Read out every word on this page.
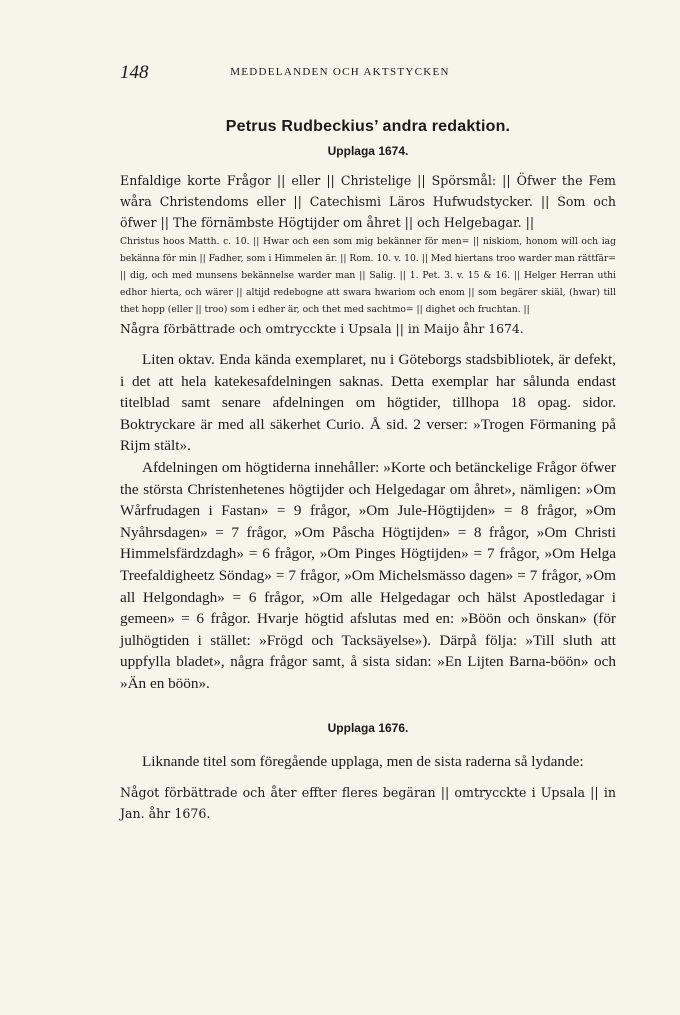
148	MEDDELANDEN OCH AKTSTYCKEN
Petrus Rudbeckius’ andra redaktion.
Upplaga 1674.

Enfaldige korte Frågor || eller || Christelige || Spörsmål: || Öfwer the Fem wåra Christendoms eller || Catechismi Läros Hufwudstycker. || Som och öfwer || The förnämbste Högtijder om åhret || och Helgebagar. ||

Christus hoos Matth. c. 10. || Hwar och een som mig bekänner för men= || niskiom, honom will och iag bekänna för min || Fadher, som i Himmelen är. || Rom. 10. v. 10. || Med hiertans troo warder man rättfär= || dig, och med munsens bekännelse warder man || Salig. || 1. Pet. 3. v. 15 & 16. || Helger Herran uthi edhor hierta, och wärer || altijd redebogne att swara hwariom och enom || som begärer skiäl, (hwar) till thet hopp (eller || troo) som i edher är, och thet med sachtmo= || dighet och fruchtan. ||

Några förbättrade och omtrycckte i Upsala || in Maijo åhr 1674.

Liten oktav. Enda kända exemplaret, nu i Göteborgs stadsbibliotek, är defekt, i det att hela katekesafdelningen saknas. Detta exemplar har sålunda endast titelblad samt senare afdelningen om högtider, tillhopa 18 opag. sidor. Boktryckare är med all säkerhet Curio. Å sid. 2 verser: »Trogen Förmaning på Rijm stält».

Afdelningen om högtiderna innehåller: »Korte och betänckelige Frågor öfwer the största Christenhetenes högtijder och Helgedagar om åhret», nämligen: »Om Wårfrudagen i Fastan» = 9 frågor, »Om Jule-Högtijden» = 8 frågor, »Om Nyåhrsdagen» = 7 frågor, »Om Påscha Högtijden» = 8 frågor, »Om Christi Himmelsfärdzdagh» = 6 frågor, »Om Pinges Högtijden» = 7 frågor, »Om Helga Treefaldigheetz Söndag» = 7 frågor, »Om Michelsmässo dagen» = 7 frågor, »Om all Helgondagh» = 6 frågor, »Om alle Helgedagar och hälst Apostledagar i gemeen» = 6 frågor. Hvarje högtid afslutas med en: »Böön och önskan» (för julhögtiden i stället: »Frögd och Tacksäyelse»). Därpå följa: »Till sluth att uppfylla bladet», några frågor samt, å sista sidan: »En Lijten Barna-böön» och »Än en böön».

Upplaga 1676.

Liknande titel som föregående upplaga, men de sista raderna så lydande:

Något förbättrade och åter effter fleres begäran || omtrycckte i Upsala || in Jan. åhr 1676.
